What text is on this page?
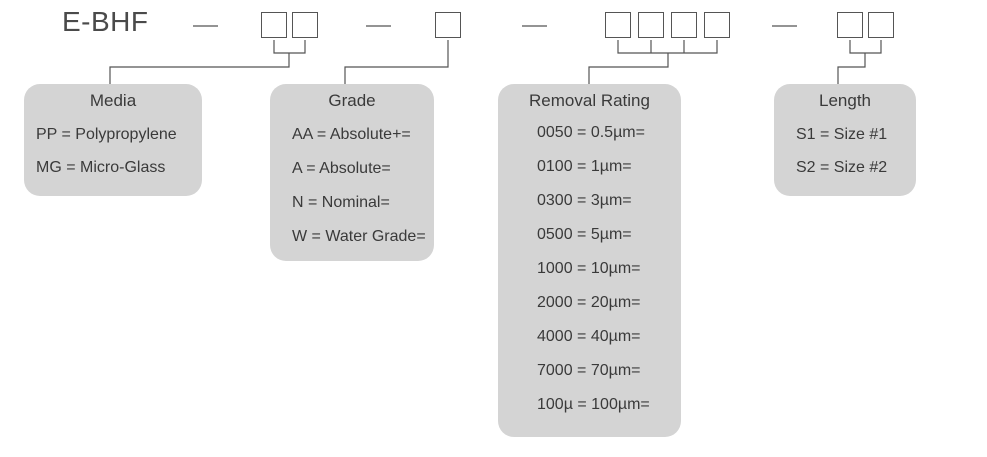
E-BHF
Media
PP = Polypropylene
MG = Micro-Glass
Grade
AA = Absolute+=
A = Absolute=
N = Nominal=
W = Water Grade=
Removal Rating
0050 = 0.5µm=
0100 = 1µm=
0300 = 3µm=
0500 = 5µm=
1000 = 10µm=
2000 = 20µm=
4000 = 40µm=
7000 = 70µm=
100µ = 100µm=
Length
S1 = Size #1
S2 = Size #2
